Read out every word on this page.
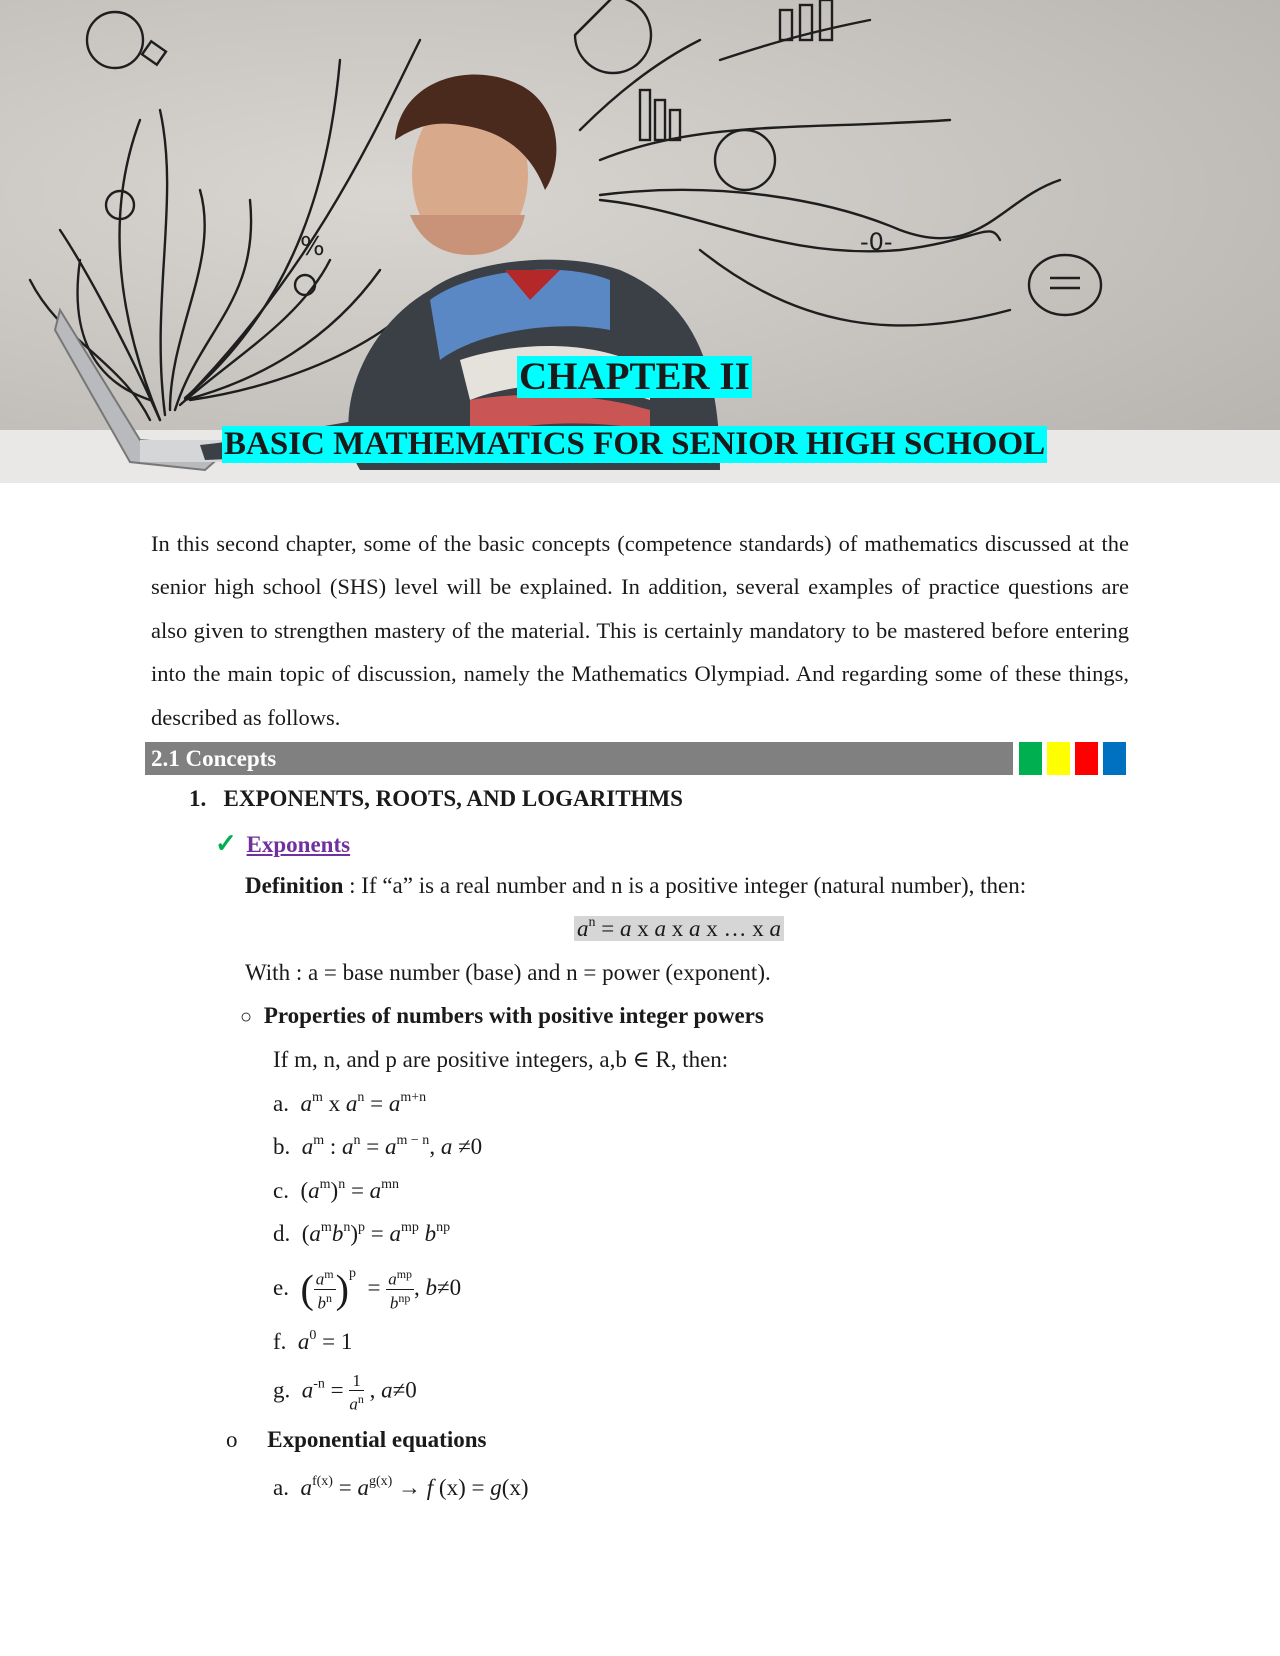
%	-0-
CHAPTER II
BASIC MATHEMATICS FOR SENIOR HIGH SCHOOL
In this second chapter, some of the basic concepts (competence standards) of mathematics discussed at the senior high school (SHS) level will be explained. In addition, several examples of practice questions are also given to strengthen mastery of the material. This is certainly mandatory to be mastered before entering into the main topic of discussion, namely the Mathematics Olympiad. And regarding some of these things, described as follows.
2.1 Concepts
1. EXPONENTS, ROOTS, AND LOGARITHMS
✓ Exponents
Definition : If “a” is a real number and n is a positive integer (natural number), then:
$a^n = a$ x a x a x … x a
With : a = base number (base) and n = power (exponent).
○ Properties of numbers with positive integer powers
If m, n, and p are positive integers, a,b ∈ R, then:
a.  $a^m$ x $a^n = a^{m+n}$
b.  $a^m$ : $a^n = a^{m - n}$, a ≠0
c.  $(a^m)^n = a^{mn}$
d.  $(a^mb^n)^p = a^{mp}$ $b^{np}$
e.  ( $\frac{a^m}{b^n} )^p = \frac{a^{mp}}{b^{np}}$ , b≠0
f.  $a^0 = 1$
g.  $a^{-n} = \frac{1}{a^n}$ , a≠0
o Exponential equations
a.  $a^{f(x)} = a^{g(x)} \to f$ (x) = g(x)
